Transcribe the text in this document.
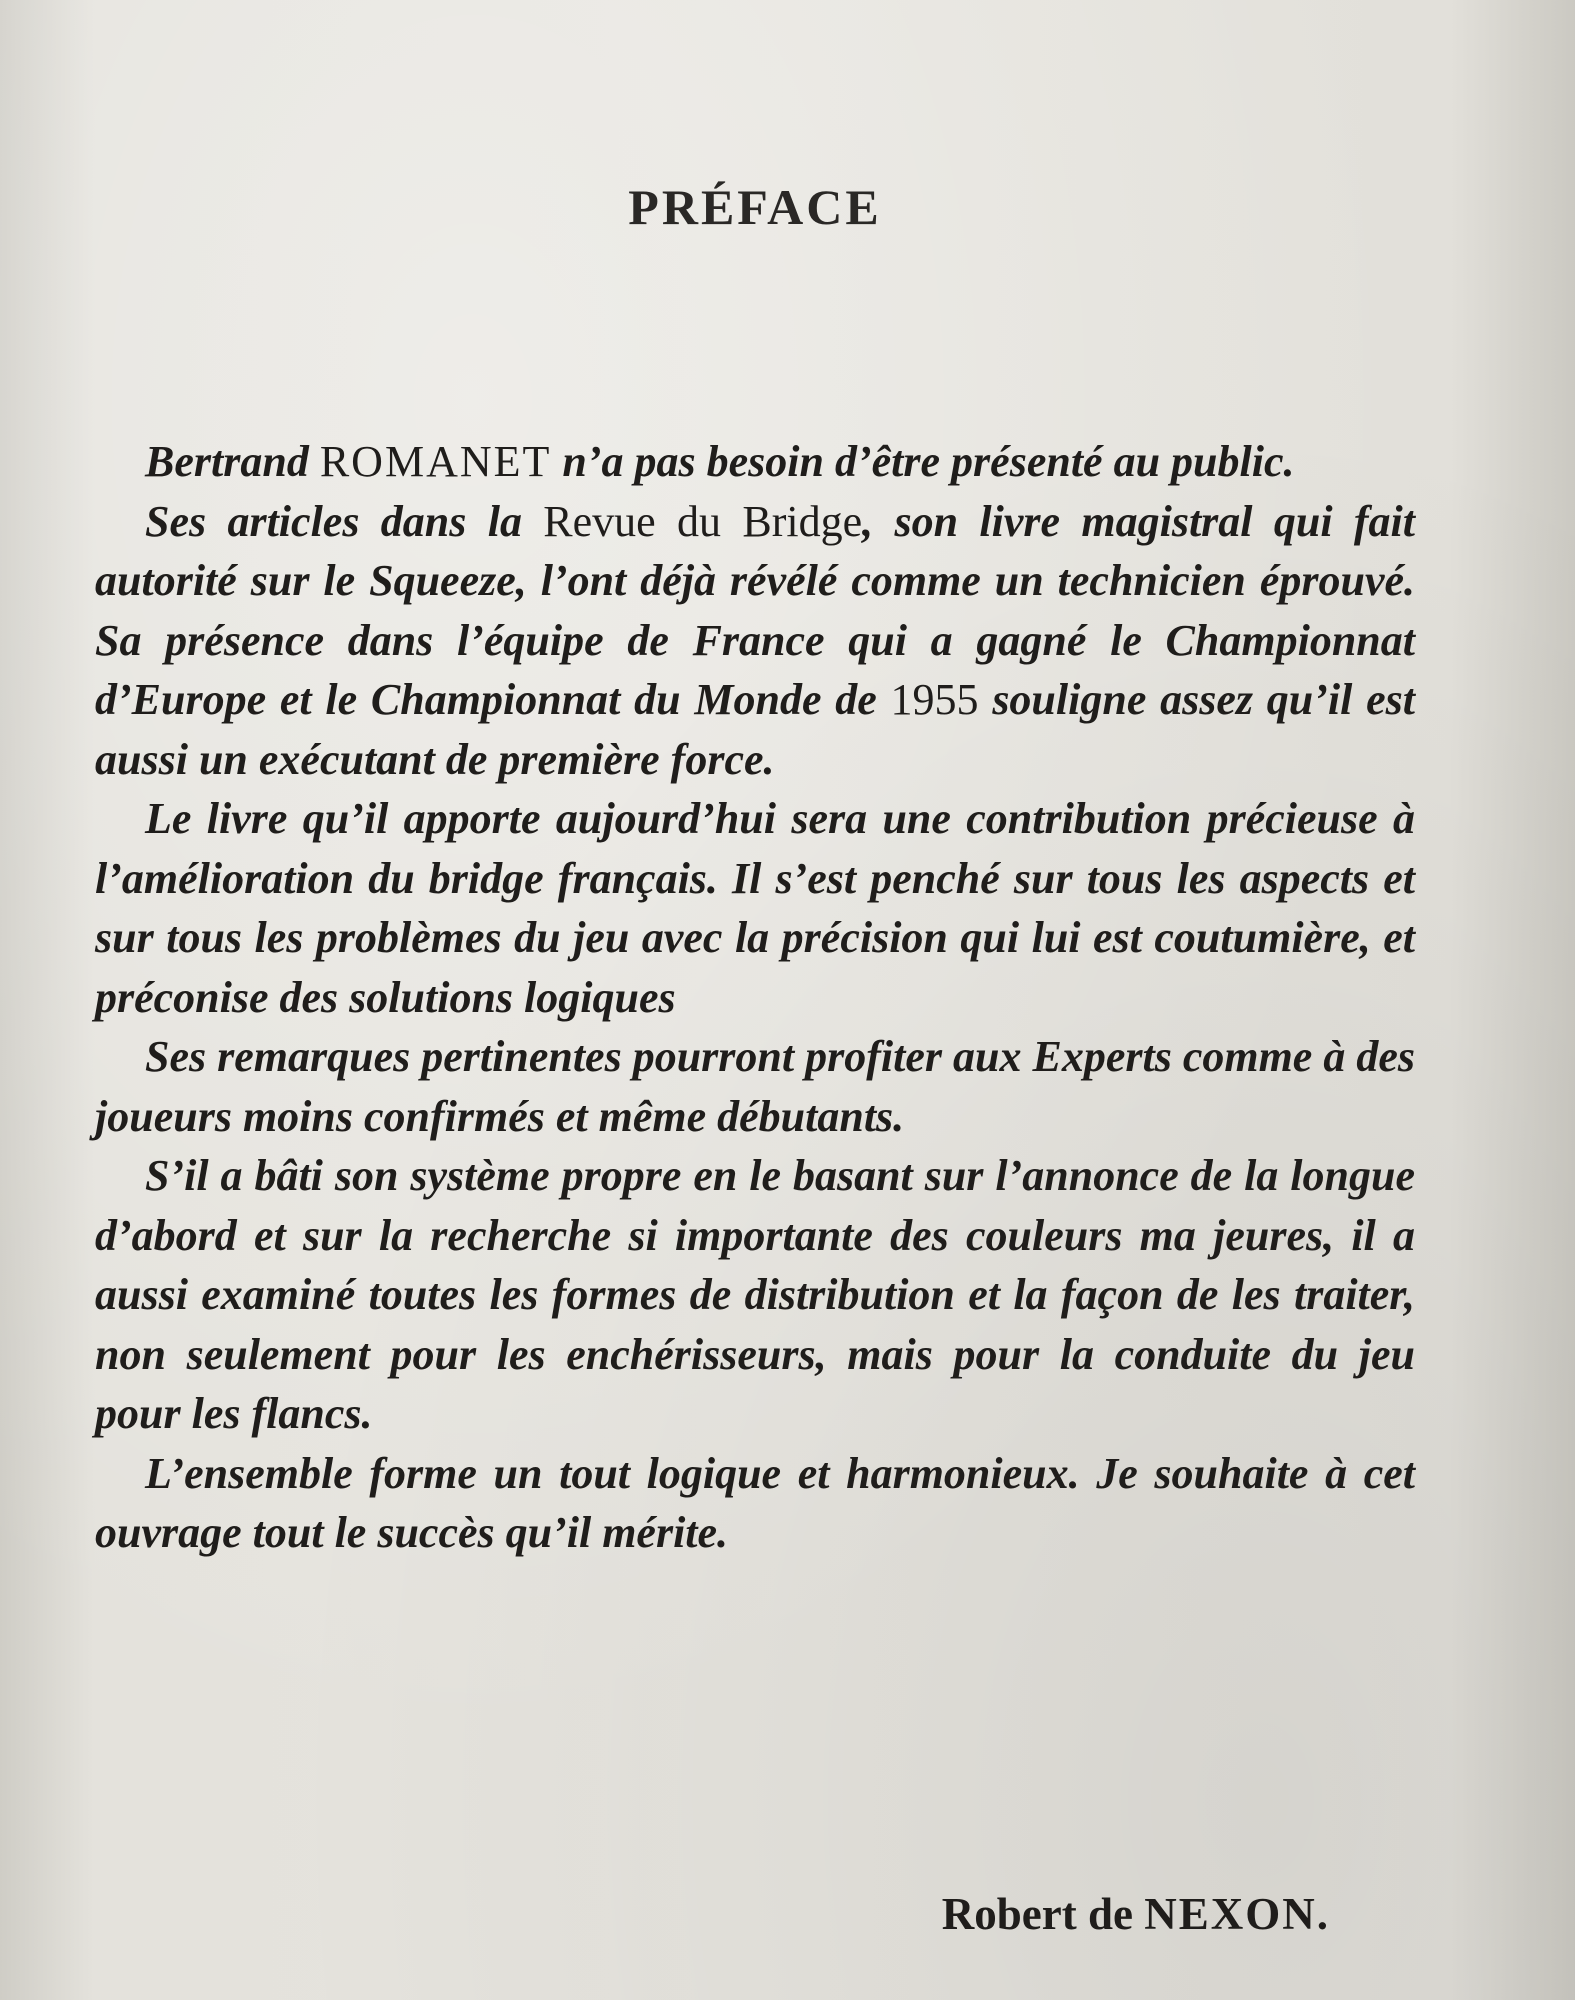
PRÉFACE

Bertrand ROMANET n’a pas besoin d’être présenté au public.

Ses articles dans la Revue du Bridge, son livre magistral qui fait autorité sur le Squeeze, l’ont déjà révélé comme un technicien éprouvé. Sa présence dans l’équipe de France qui a gagné le Championnat d’Europe et le Championnat du Monde de 1955 souligne assez qu’il est aussi un exécutant de première force.

Le livre qu’il apporte aujourd’hui sera une contribution précieuse à l’amélioration du bridge français. Il s’est penché sur tous les aspects et sur tous les problèmes du jeu avec la précision qui lui est coutumière, et préconise des solutions logiques

Ses remarques pertinentes pourront profiter aux Experts comme à des joueurs moins confirmés et même débutants.

S’il a bâti son système propre en le basant sur l’annonce de la longue d’abord et sur la recherche si importante des couleurs ma jeures, il a aussi examiné toutes les formes de distribution et la façon de les traiter, non seulement pour les enchérisseurs, mais pour la conduite du jeu pour les flancs.

L’ensemble forme un tout logique et harmonieux. Je souhaite à cet ouvrage tout le succès qu’il mérite.

Robert de NEXON.
